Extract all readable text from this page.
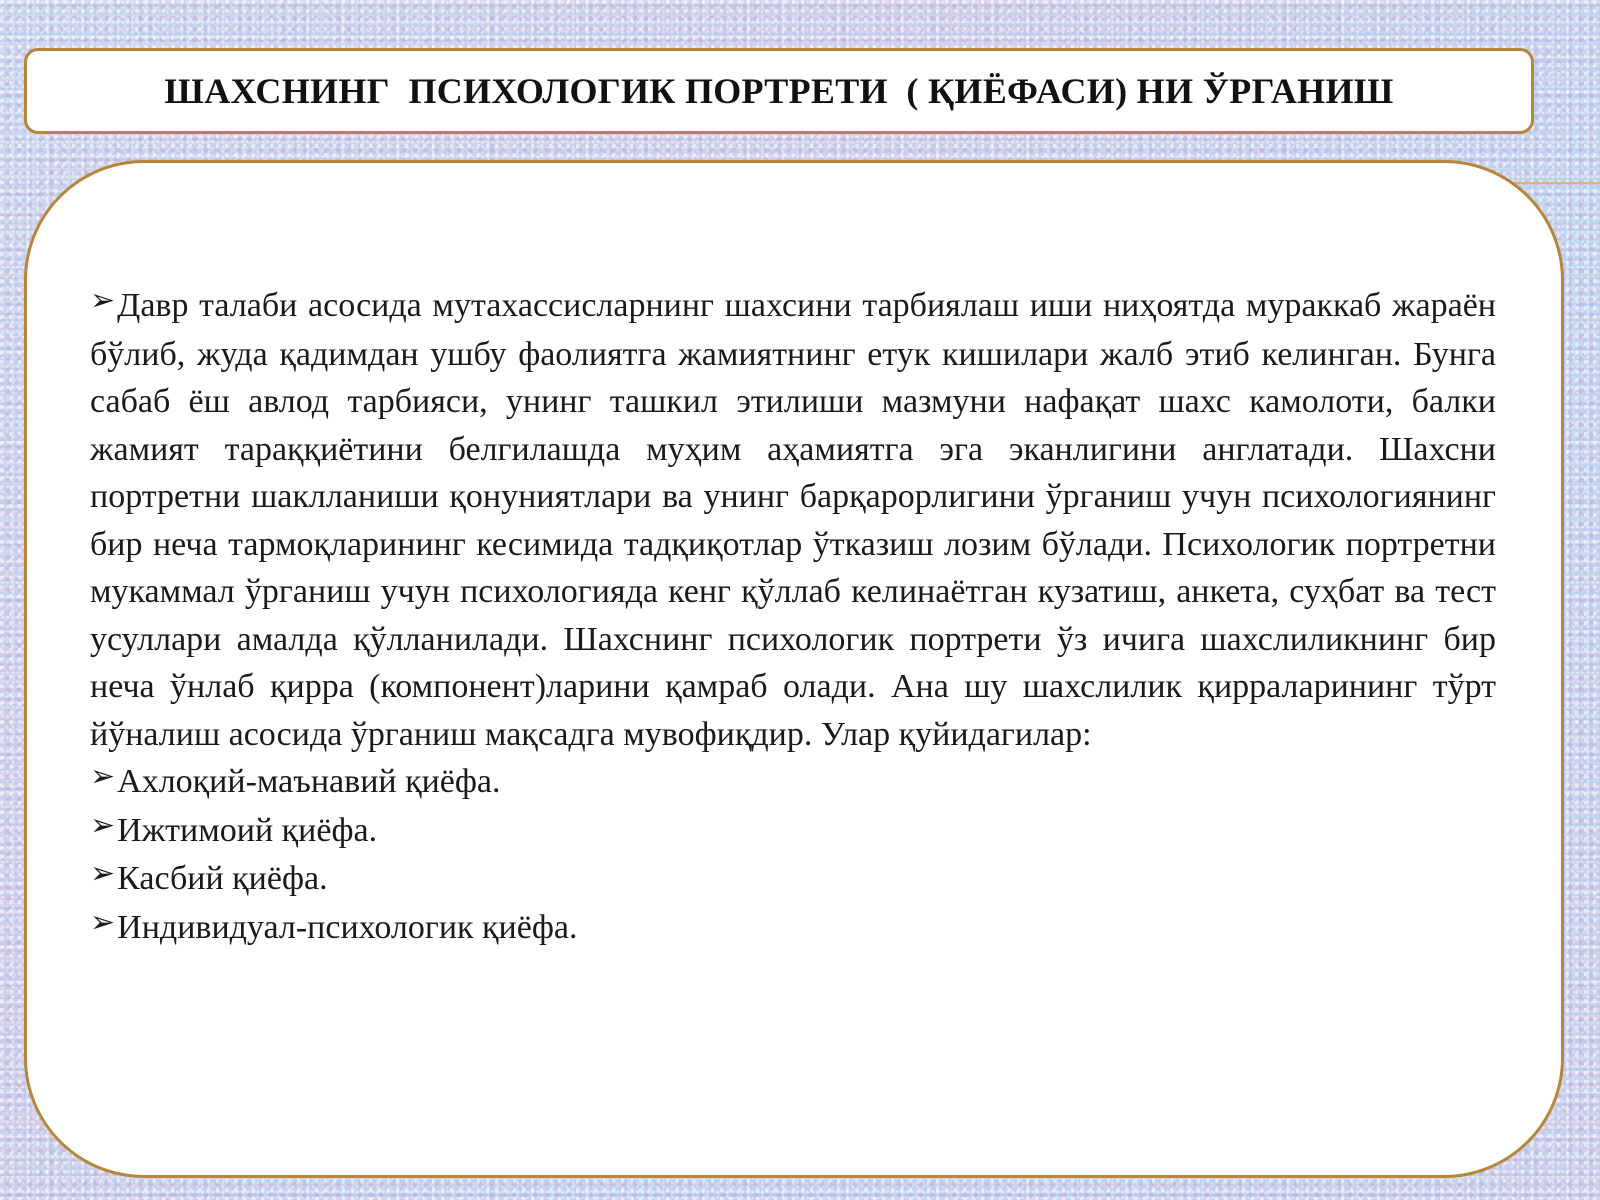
ШАХСНИНГ  ПСИХОЛОГИК ПОРТРЕТИ  ( ҚИЁФАСИ) НИ ЎРГАНИШ

➢Давр талаби асосида мутахассисларнинг шахсини тарбиялаш иши ниҳоятда мураккаб жараён бўлиб, жуда қадимдан ушбу фаолиятга жамиятнинг етук кишилари жалб этиб келинган. Бунга сабаб ёш авлод тарбияси, унинг ташкил этилиши мазмуни нафақат шахс камолоти, балки жамият тараққиётини белгилашда муҳим аҳамиятга эга эканлигини англатади. Шахсни портретни шаклланиши қонуниятлари ва унинг барқарорлигини ўрганиш учун психологиянинг бир неча тармоқларининг кесимида тадқиқотлар ўтказиш лозим бўлади. Психологик портретни мукаммал ўрганиш учун психологияда кенг қўллаб келинаётган кузатиш, анкета, суҳбат ва тест усуллари амалда қўлланилади. Шахснинг психологик портрети ўз ичига шахслиликнинг бир неча ўнлаб қирра (компонент)ларини қамраб олади. Ана шу шахслилик қирраларининг тўрт йўналиш асосида ўрганиш мақсадга мувофиқдир. Улар қуйидагилар:

➢Ахлоқий-маънавий қиёфа.

➢Ижтимоий қиёфа.

➢Касбий қиёфа.

➢Индивидуал-психологик қиёфа.
